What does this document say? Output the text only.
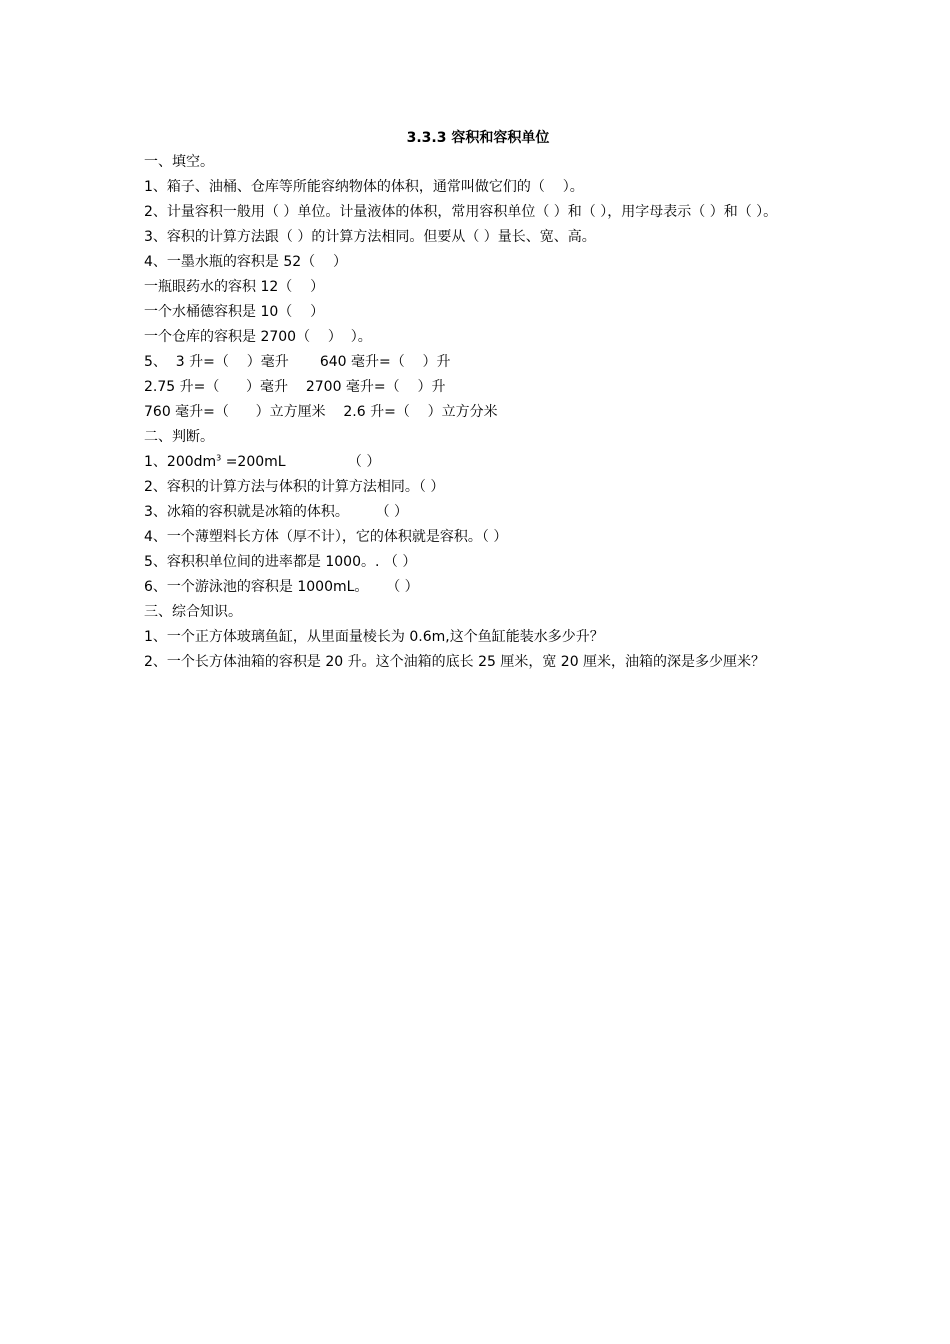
3.3.3 容积和容积单位

一、填空。

1、箱子、油桶、仓库等所能容纳物体的体积，通常叫做它们的（    ）。

2、计量容积一般用（ ）单位。计量液体的体积，常用容积单位（ ）和（ ），用字母表示（ ）和（ ）。

3、容积的计算方法跟（ ）的计算方法相同。但要从（ ）量长、宽、高。

4、一墨水瓶的容积是 52（    ）

一瓶眼药水的容积 12（    ）

一个水桶德容积是 10（    ）

一个仓库的容积是 2700（    ）  ）。

5、  3 升=（    ）毫升       640 毫升=（    ）升

2.75 升=（      ）毫升    2700 毫升=（    ）升

760 毫升=（      ）立方厘米    2.6 升=（    ）立方分米

二、判断。

1、$200dm^3 =200mL$              （ ）

2、容积的计算方法与体积的计算方法相同。（ ）

3、冰箱的容积就是冰箱的体积。      （ ）

4、一个薄塑料长方体（厚不计），它的体积就是容积。（ ）

5、容积积单位间的进率都是 1000。. （ ）

6、一个游泳池的容积是 1000mL。    （ ）

三、综合知识。

1、一个正方体玻璃鱼缸，从里面量棱长为 0.6m,这个鱼缸能装水多少升？

2、一个长方体油箱的容积是 20 升。这个油箱的底长 25 厘米，宽 20 厘米，油箱的深是多少厘米？
